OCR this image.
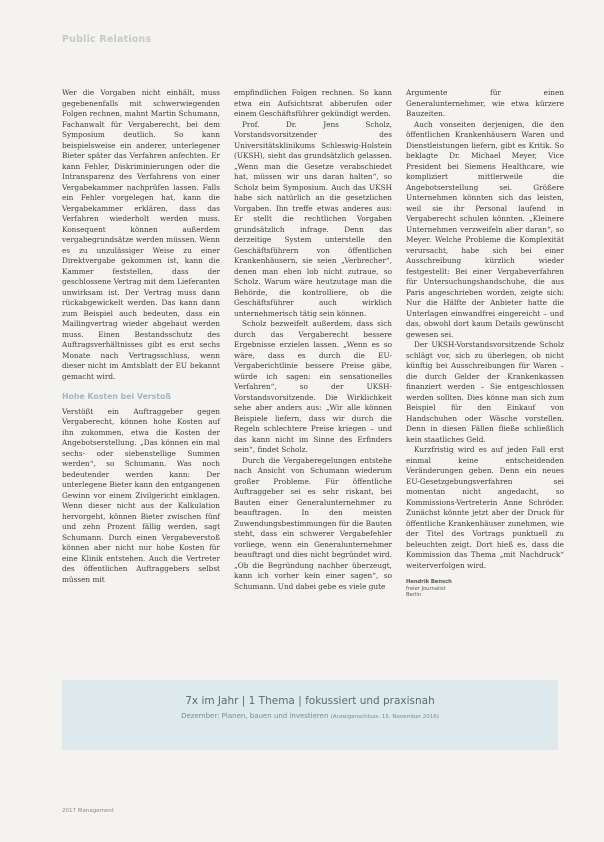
Public Relations

Wer die Vorgaben nicht einhält, muss gegebenenfalls mit schwerwiegenden Folgen rechnen, mahnt Martin Schumann, Fachanwalt für Vergaberecht, bei dem Symposium deutlich. So kann beispielsweise ein anderer, unterlegener Bieter später das Verfahren anfechten. Er kann Fehler, Diskriminierungen oder die Intransparenz des Verfahrens von einer Vergabekammer nachprüfen lassen. Falls ein Fehler vorgelegen hat, kann die Vergabekammer erklären, dass das Verfahren wiederholt werden muss. Konsequent können außerdem vergabegrundsätze werden müssen. Wenn es zu unzulässiger Weise zu einer Direktvergabe gekommen ist, kann die Kammer feststellen, dass der geschlossene Vertrag mit dem Lieferanten unwirksam ist. Der Vertrag muss dann rückabgewickelt werden. Das kann dann zum Beispiel auch bedeuten, dass ein Mailingvertrag wieder abgebaut werden muss. Einen Bestandsschutz des Auftragsverhältnisses gibt es erst sechs Monate nach Vertragsschluss, wenn dieser nicht im Amtsblatt der EU bekannt gemacht wird.

Hohe Kosten bei Verstoß

Verstößt ein Auftraggeber gegen Vergaberecht, können hohe Kosten auf ihn zukommen, etwa die Kosten der Angebotserstellung. „Das können ein mal sechs- oder siebenstellige Summen werden“, so Schumann. Was noch bedeutender werden kann: Der unterlegene Bieter kann den entgangenen Gewinn vor einem Zivilgericht einklagen. Wenn dieser nicht aus der Kalkulation hervorgeht, können Bieter zwischen fünf und zehn Prozent fällig werden, sagt Schumann. Durch einen Vergabeverstoß können aber nicht nur hohe Kosten für eine Klinik entstehen. Auch die Vertreter des öffentlichen Auftraggebers selbst müssen mit

empfindlichen Folgen rechnen. So kann etwa ein Aufsichtsrat abberufen oder einem Geschäftsführer gekündigt werden.

Prof. Dr. Jens Scholz, Vorstandsvorsitzender des Universitätsklinikums Schleswig-Holstein (UKSH), sieht das grundsätzlich gelassen. „Wenn man die Gesetze verabschiedet hat, müssen wir uns daran halten“, so Scholz beim Symposium. Auch das UKSH habe sich natürlich an die gesetzlichen Vorgaben. Ihn treffe etwas anderes aus: Er stellt die rechtlichen Vorgaben grundsätzlich infrage. Denn das derzeitige System unterstelle den Geschäftsführern von öffentlichen Krankenhäusern, sie seien „Verbrecher“, denen man eben lob nicht zutraue, so Scholz. Warum wäre heutzutage man die Behörde, die kontrolliere, ob die Geschäftsführer auch wirklich unternehmerisch tätig sein können.

Scholz bezweifelt außerdem, dass sich durch das Vergaberecht bessere Ergebnisse erzielen lassen. „Wenn es so wäre, dass es durch die EU-Vergaberichtlinie bessere Preise gäbe, würde ich sagen: ein sensationelles Verfahren“, so der UKSH-Vorstandsvorsitzende. Die Wirklichkeit sehe aber anders aus: „Wir alle können Beispiele liefern, dass wir durch die Regeln schlechtere Preise kriegen – und das kann nicht im Sinne des Erfinders sein“, findet Scholz.

Durch die Vergaberegelungen entstehe nach Ansicht von Schumann wiederum großer Probleme. Für öffentliche Auftraggeber sei es sehr riskant, bei Bauten einer Generalunternehmer zu beauftragen. In den meisten Zuwendungsbestimmungen für die Bauten steht, dass ein schwerer Vergabefehler vorliege, wenn ein Generalunternehmer beauftragt und dies nicht begründet wird. „Ob die Begründung nachher überzeugt, kann ich vorher kein einer sagen“, so Schumann. Und dabei gebe es viele gute

Argumente für einen Generalunternehmer, wie etwa kürzere Bauzeiten.

Auch vonseiten derjenigen, die den öffentlichen Krankenhäusern Waren und Dienstleistungen liefern, gibt es Kritik. So beklagte Dr. Michael Meyer, Vice President bei Siemens Healthcare, wie kompliziert mittlerweile die Angebotserstellung sei. Größere Unternehmen könnten sich das leisten, weil sie ihr Personal laufend in Vergaberecht schulen könnten. „Kleinere Unternehmen verzweifeln aber daran“, so Meyer. Welche Probleme die Komplexität verursacht, habe sich bei einer Ausschreibung kürzlich wieder festgestellt: Bei einer Vergabeverfahren für Untersuchungshandschuhe, die aus Paris angeschrieben worden, zeigte sich: Nur die Hälfte der Anbieter hatte die Unterlagen einwandfrei eingereicht – und das, obwohl dort kaum Details gewünscht gewesen sei.

Der UKSH-Vorstandsvorsitzende Scholz schlägt vor, sich zu überlegen, ob nicht künftig bei Ausschreibungen für Waren – die durch Gelder der Krankenkassen finanziert werden – Sie entgeschlossen werden sollten. Dies könne man sich zum Beispiel für den Einkauf von Handschuhen oder Wäsche vorstellen. Denn in diesen Fällen fließe schließlich kein staatliches Geld.

Kurzfristig wird es auf jeden Fall erst einmal keine entscheidenden Veränderungen geben. Denn ein neues EU-Gesetzgebungsverfahren sei momentan nicht angedacht, so Kommissions-Vertreterin Anne Schröder. Zunächst könnte jetzt aber der Druck für öffentliche Krankenhäuser zunehmen, wie der Titel des Vortrags punktuell zu beleuchten zeigt. Dort hieß es, dass die Kommission das Thema „mit Nachdruck“ weiterverfolgen wird.

Hendrik Bensch
freier Journalist
Berlin
7x im Jahr | 1 Thema | fokussiert und praxisnah
Dezember: Planen, bauen und investieren (Anzeigenschluss: 15. November 2016)
2017 Management
